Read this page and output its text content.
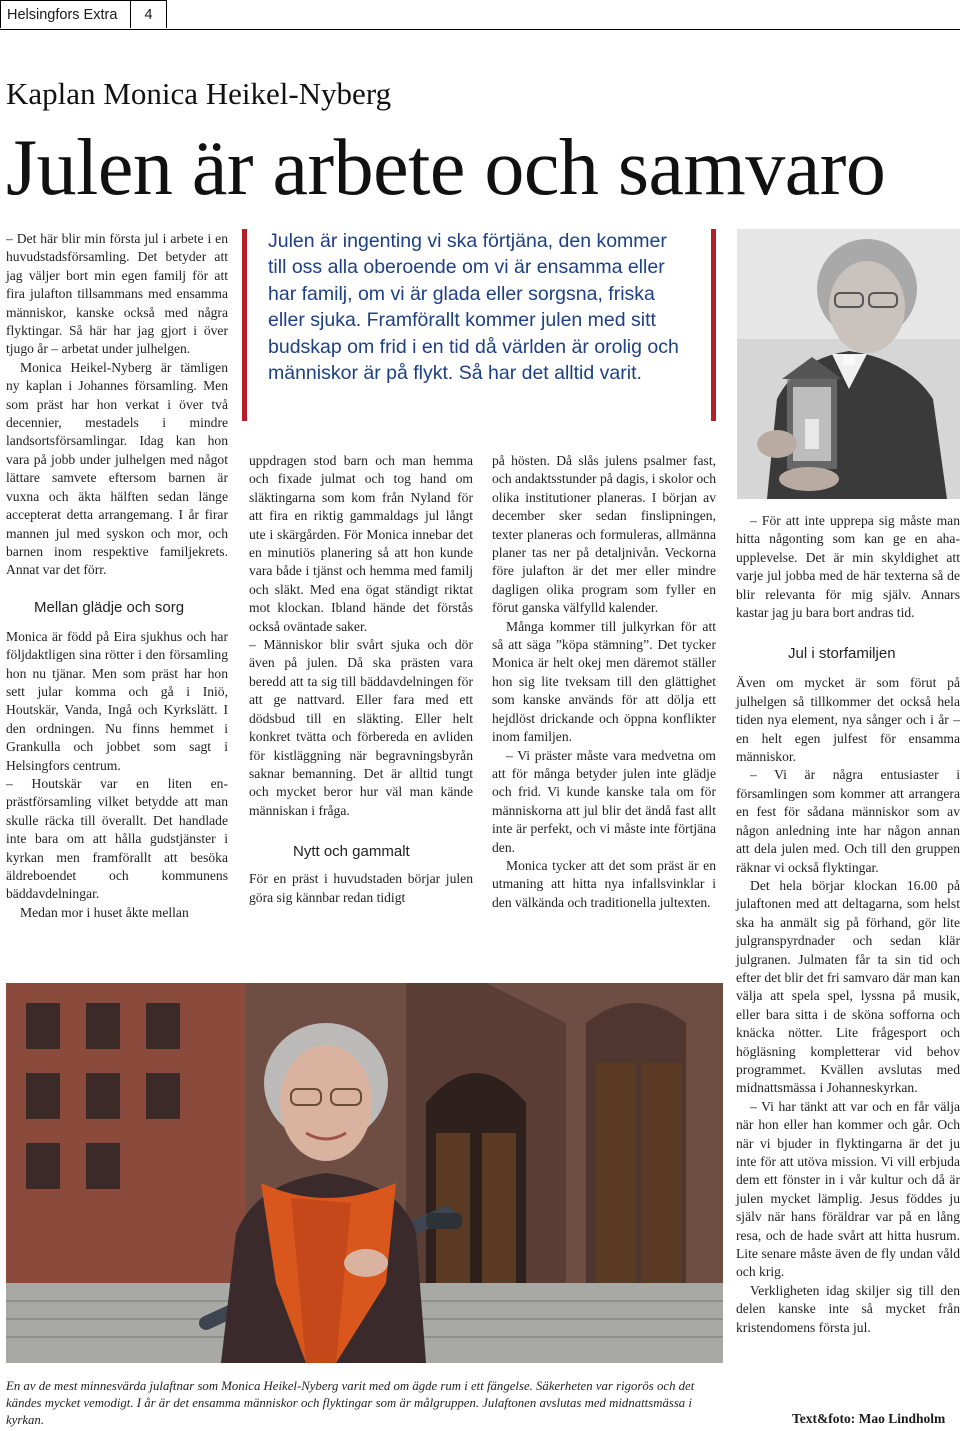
Helsingfors Extra	4
Kaplan Monica Heikel-Nyberg
Julen är arbete och samvaro

– Det här blir min första jul i arbete i en huvudstadsförsamling. Det betyder att jag väljer bort min egen familj för att fira julafton tillsammans med ensamma människor, kanske också med några flyktingar. Så här har jag gjort i över tjugo år – arbetat under julhelgen.

Monica Heikel-Nyberg är tämligen ny kaplan i Johannes församling. Men som präst har hon verkat i över två decennier, mestadels i mindre landsortsförsamlingar. Idag kan hon vara på jobb under julhelgen med något lättare samvete eftersom barnen är vuxna och äkta hälften sedan länge accepterat detta arrangemang. I år firar mannen jul med syskon och mor, och barnen inom respektive familjekrets. Annat var det förr.

Mellan glädje och sorg

Monica är född på Eira sjukhus och har följdaktligen sina rötter i den församling hon nu tjänar. Men som präst har hon sett jular komma och gå i Iniö, Houtskär, Vanda, Ingå och Kyrkslätt. I den ordningen. Nu finns hemmet i Grankulla och jobbet som sagt i Helsingfors centrum.

– Houtskär var en liten en-prästförsamling vilket betydde att man skulle räcka till överallt. Det handlade inte bara om att hålla gudstjänster i kyrkan men framförallt att besöka äldreboendet och kommunens bäddavdelningar.

Medan mor i huset åkte mellan

Julen är ingenting vi ska förtjäna, den kommer till oss alla oberoende om vi är ensamma eller har familj, om vi är glada eller sorgsna, friska eller sjuka. Framförallt kommer julen med sitt budskap om frid i en tid då världen är orolig och människor är på flykt. Så har det alltid varit.

uppdragen stod barn och man hemma och fixade julmat och tog hand om släktingarna som kom från Nyland för att fira en riktig gammaldags jul långt ute i skärgården. För Monica innebar det en minutiös planering så att hon kunde vara både i tjänst och hemma med familj och släkt. Med ena ögat ständigt riktat mot klockan. Ibland hände det förstås också oväntade saker.

– Människor blir svårt sjuka och dör även på julen. Då ska prästen vara beredd att ta sig till bäddavdelningen för att ge nattvard. Eller fara med ett dödsbud till en släkting. Eller helt konkret tvätta och förbereda en avliden för kistläggning när begravningsbyrån saknar bemanning. Det är alltid tungt och mycket beror hur väl man kände människan i fråga.

Nytt och gammalt

För en präst i huvudstaden börjar julen göra sig kännbar redan tidigt

på hösten. Då slås julens psalmer fast, och andaktsstunder på dagis, i skolor och olika institutioner planeras. I början av december sker sedan finslipningen, texter planeras och formuleras, allmänna planer tas ner på detaljnivån. Veckorna före julafton är det mer eller mindre dagligen olika program som fyller en förut ganska välfylld kalender.

Många kommer till julkyrkan för att så att säga ”köpa stämning”. Det tycker Monica är helt okej men däremot ställer hon sig lite tveksam till den glättighet som kanske används för att dölja ett hejdlöst drickande och öppna konflikter inom familjen.

– Vi präster måste vara medvetna om att för många betyder julen inte glädje och frid. Vi kunde kanske tala om för människorna att jul blir det ändå fast allt inte är perfekt, och vi måste inte förtjäna den.

Monica tycker att det som präst är en utmaning att hitta nya infallsvinklar i den välkända och traditionella jultexten.

– För att inte upprepa sig måste man hitta någonting som kan ge en aha-upplevelse. Det är min skyldighet att varje jul jobba med de här texterna så de blir relevanta för mig själv. Annars kastar jag ju bara bort andras tid.

Jul i storfamiljen

Även om mycket är som förut på julhelgen så tillkommer det också hela tiden nya element, nya sånger och i år – en helt egen julfest för ensamma människor.

– Vi är några entusiaster i församlingen som kommer att arrangera en fest för sådana människor som av någon anledning inte har någon annan att dela julen med. Och till den gruppen räknar vi också flyktingar.

Det hela börjar klockan 16.00 på julaftonen med att deltagarna, som helst ska ha anmält sig på förhand, gör lite julgranspyrdnader och sedan klär julgranen. Julmaten får ta sin tid och efter det blir det fri samvaro där man kan välja att spela spel, lyssna på musik, eller bara sitta i de sköna sofforna och knäcka nötter. Lite frågesport och högläsning kompletterar vid behov programmet. Kvällen avslutas med midnattsmässa i Johanneskyrkan.

– Vi har tänkt att var och en får välja när hon eller han kommer och går. Och när vi bjuder in flyktingarna är det ju inte för att utöva mission. Vi vill erbjuda dem ett fönster in i vår kultur och då är julen mycket lämplig. Jesus föddes ju själv när hans föräldrar var på en lång resa, och de hade svårt att hitta husrum. Lite senare måste även de fly undan våld och krig.

Verkligheten idag skiljer sig till den delen kanske inte så mycket från kristendomens första jul.

En av de mest minnesvärda julaftnar som Monica Heikel-Nyberg varit med om ägde rum i ett fängelse. Säkerheten var rigorös och det kändes mycket vemodigt. I år är det ensamma människor och flyktingar som är målgruppen. Julaftonen avslutas med midnattsmässa i kyrkan.	Text&foto: Mao Lindholm
